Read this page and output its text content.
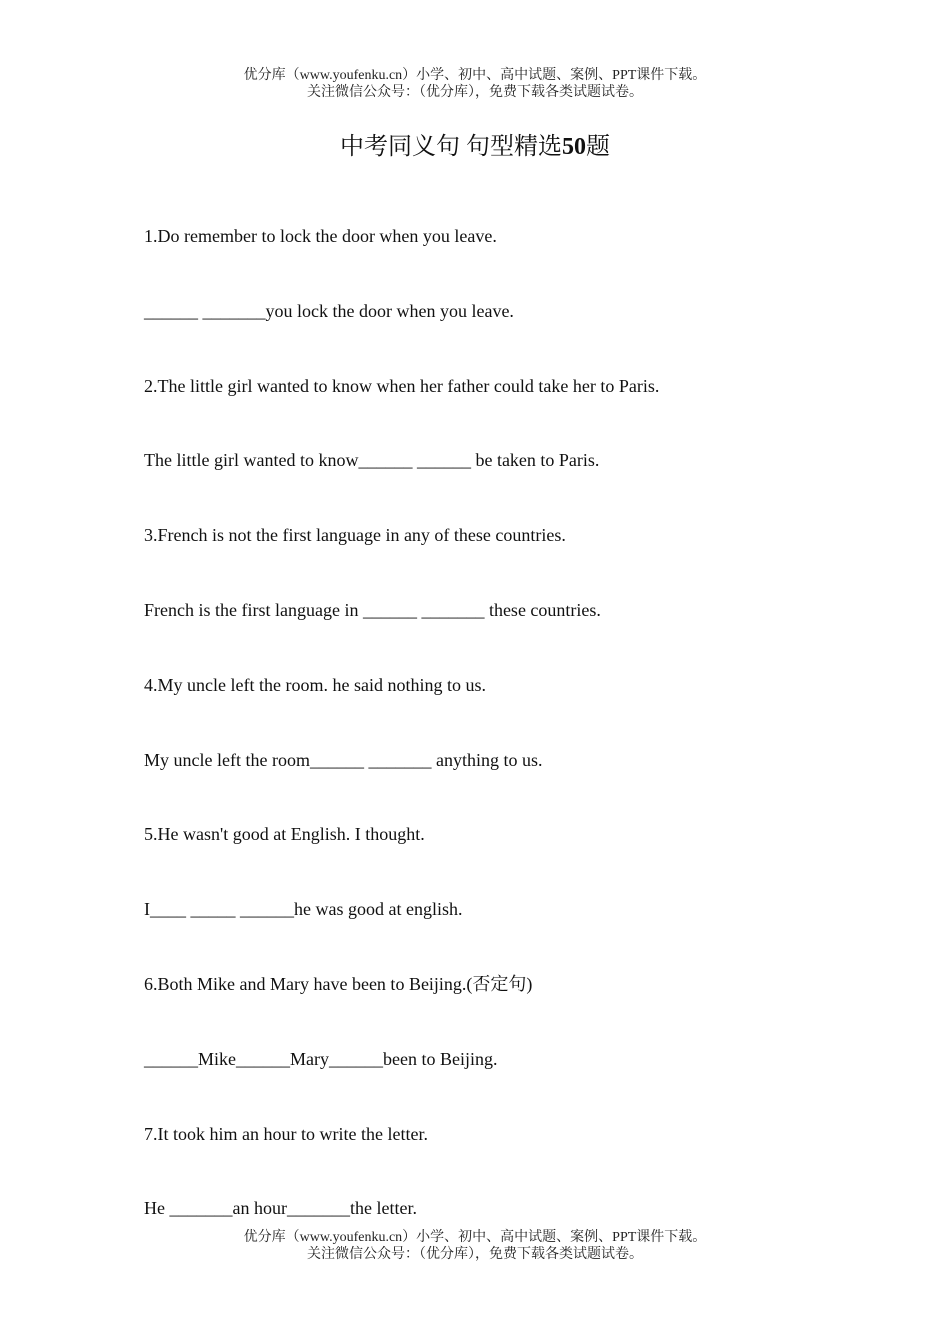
优分库（www.youfenku.cn）小学、初中、高中试题、案例、PPT课件下载。
关注微信公众号：（优分库），免费下载各类试题试卷。
中考同义句 句型精选50题
1.Do remember to lock the door when you leave.
______ _______you lock the door when you leave.
2.The little girl wanted to know when her father could take her to Paris.
The little girl wanted to know______ ______ be taken to Paris.
3.French is not the first language in any of these countries.
French is the first language in ______ _______ these countries.
4.My uncle left the room. he said nothing to us.
My uncle left the room______ _______ anything to us.
5.He wasn't good at English. I thought.
I____ _____ ______he was good at english.
6.Both Mike and Mary have been to Beijing.(否定句)
______Mike______Mary______been to Beijing.
7.It took him an hour to write the letter.
He _______an hour_______the letter.
优分库（www.youfenku.cn）小学、初中、高中试题、案例、PPT课件下载。
关注微信公众号：（优分库），免费下载各类试题试卷。
